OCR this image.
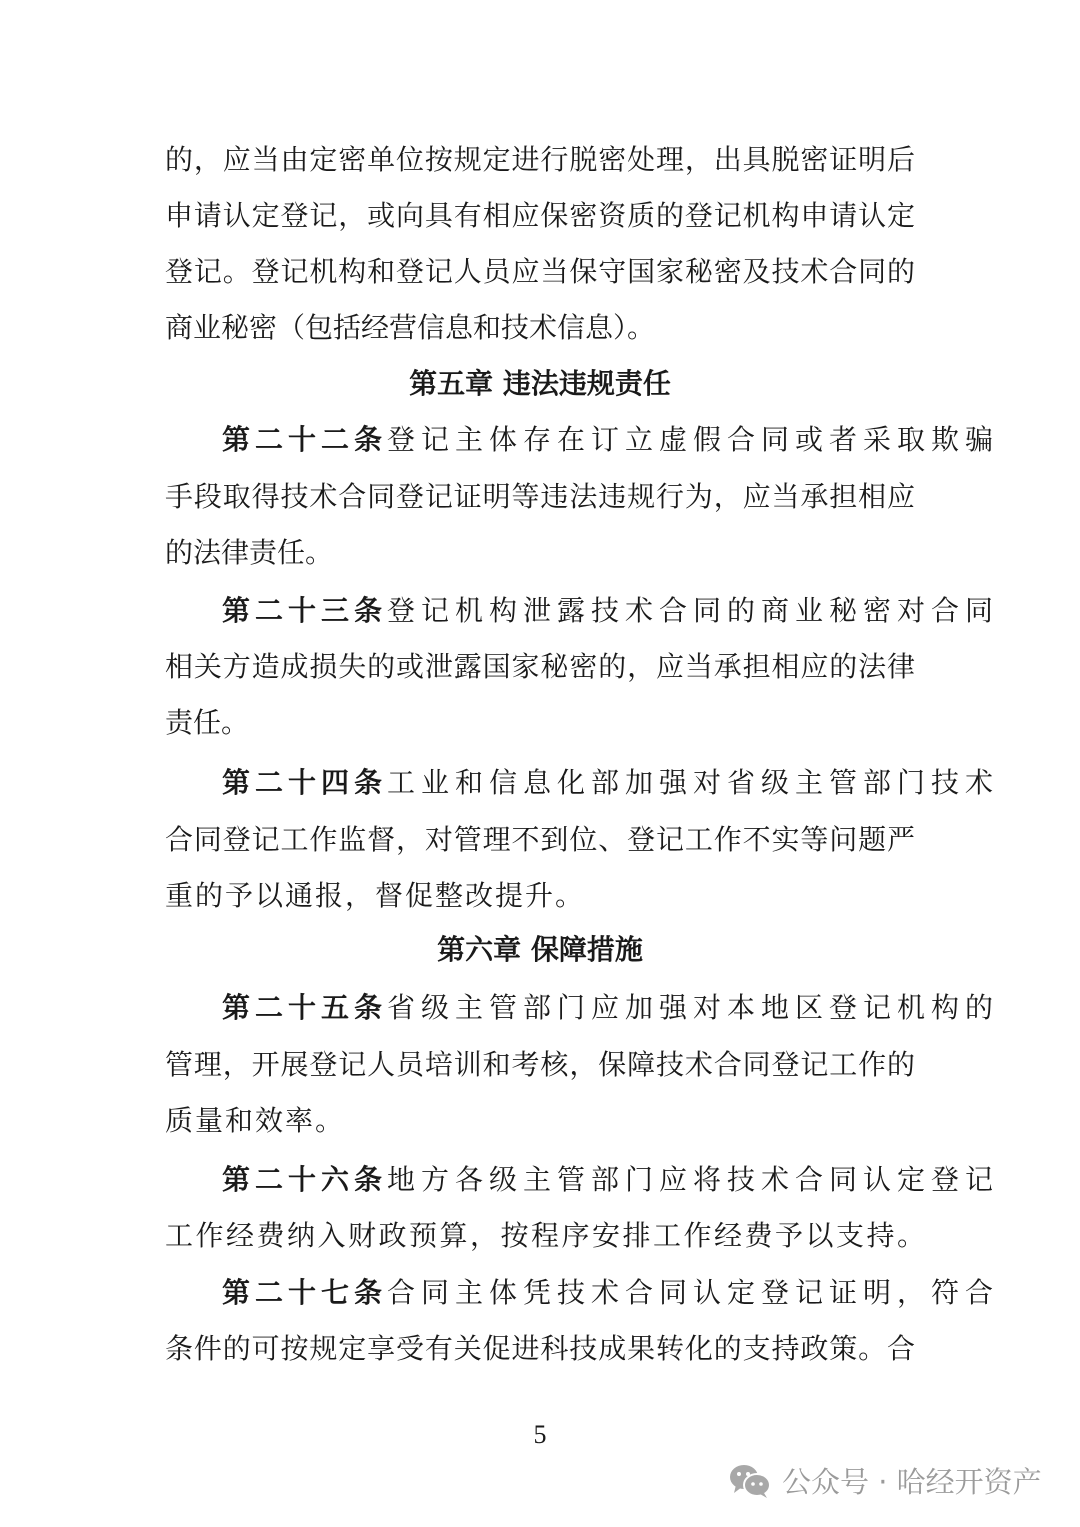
的，应当由定密单位按规定进行脱密处理，出具脱密证明后
申请认定登记，或向具有相应保密资质的登记机构申请认定
登记。登记机构和登记人员应当保守国家秘密及技术合同的
商业秘密（包括经营信息和技术信息）。
第五章 违法违规责任
第二十二条 登记主体存在订立虚假合同或者采取欺骗
手段取得技术合同登记证明等违法违规行为，应当承担相应
的法律责任。
第二十三条 登记机构泄露技术合同的商业秘密对合同
相关方造成损失的或泄露国家秘密的，应当承担相应的法律
责任。
第二十四条 工业和信息化部加强对省级主管部门技术
合同登记工作监督，对管理不到位、登记工作不实等问题严
重的予以通报，督促整改提升。
第六章 保障措施
第二十五条 省级主管部门应加强对本地区登记机构的
管理，开展登记人员培训和考核，保障技术合同登记工作的
质量和效率。
第二十六条 地方各级主管部门应将技术合同认定登记
工作经费纳入财政预算，按程序安排工作经费予以支持。
第二十七条 合同主体凭技术合同认定登记证明，符合
条件的可按规定享受有关促进科技成果转化的支持政策。合
5
公众号 · 哈经开资产
